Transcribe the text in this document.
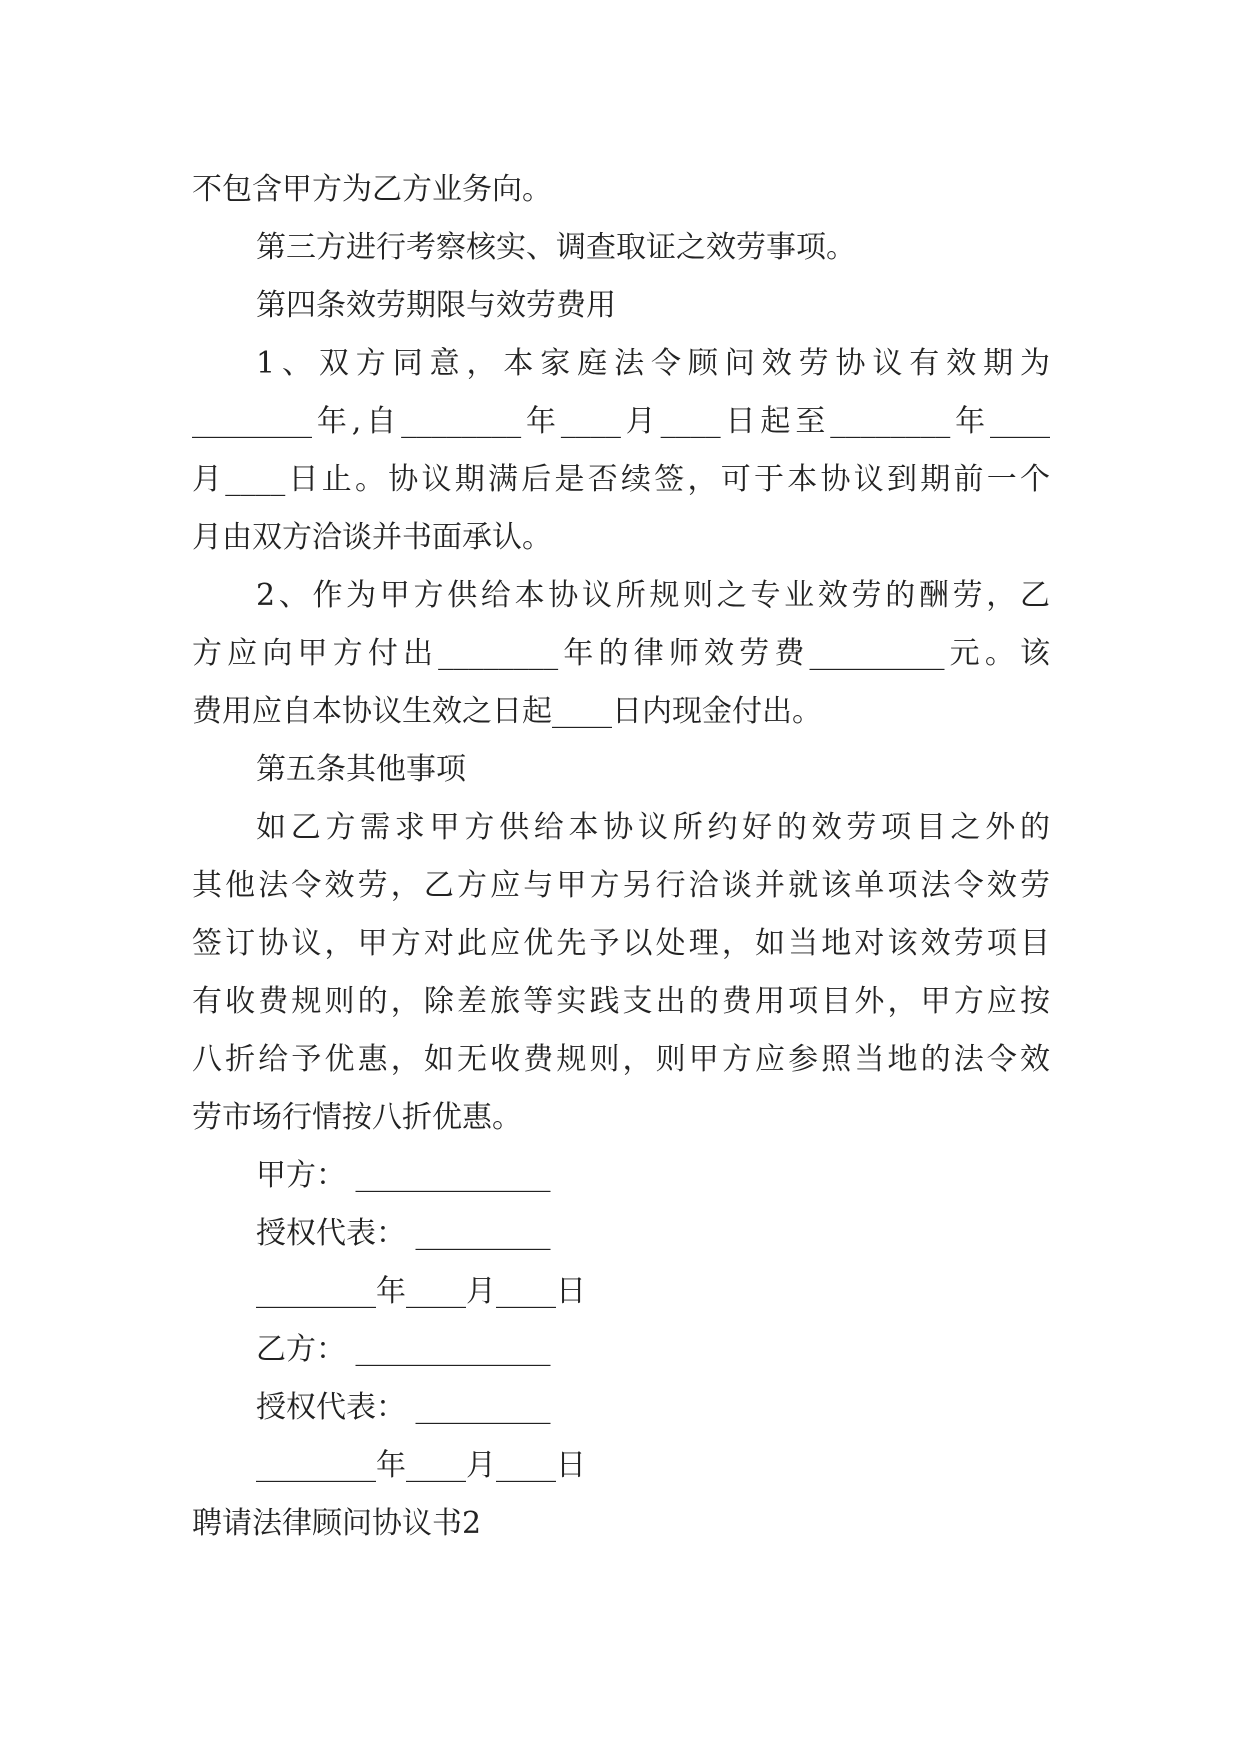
不包含甲方为乙方业务向。
第三方进行考察核实、调查取证之效劳事项。
第四条效劳期限与效劳费用
1、双方同意，本家庭法令顾问效劳协议有效期为
________年,自________年____月____日起至________年____
月____日止。协议期满后是否续签，可于本协议到期前一个
月由双方洽谈并书面承认。
2、作为甲方供给本协议所规则之专业效劳的酬劳，乙
方应向甲方付出________年的律师效劳费_________元。该
费用应自本协议生效之日起____日内现金付出。
第五条其他事项
如乙方需求甲方供给本协议所约好的效劳项目之外的
其他法令效劳，乙方应与甲方另行洽谈并就该单项法令效劳
签订协议，甲方对此应优先予以处理，如当地对该效劳项目
有收费规则的，除差旅等实践支出的费用项目外，甲方应按
八折给予优惠，如无收费规则，则甲方应参照当地的法令效
劳市场行情按八折优惠。
甲方： _____________
授权代表： _________
________年____月____日
乙方： _____________
授权代表： _________
________年____月____日
聘请法律顾问协议书2
